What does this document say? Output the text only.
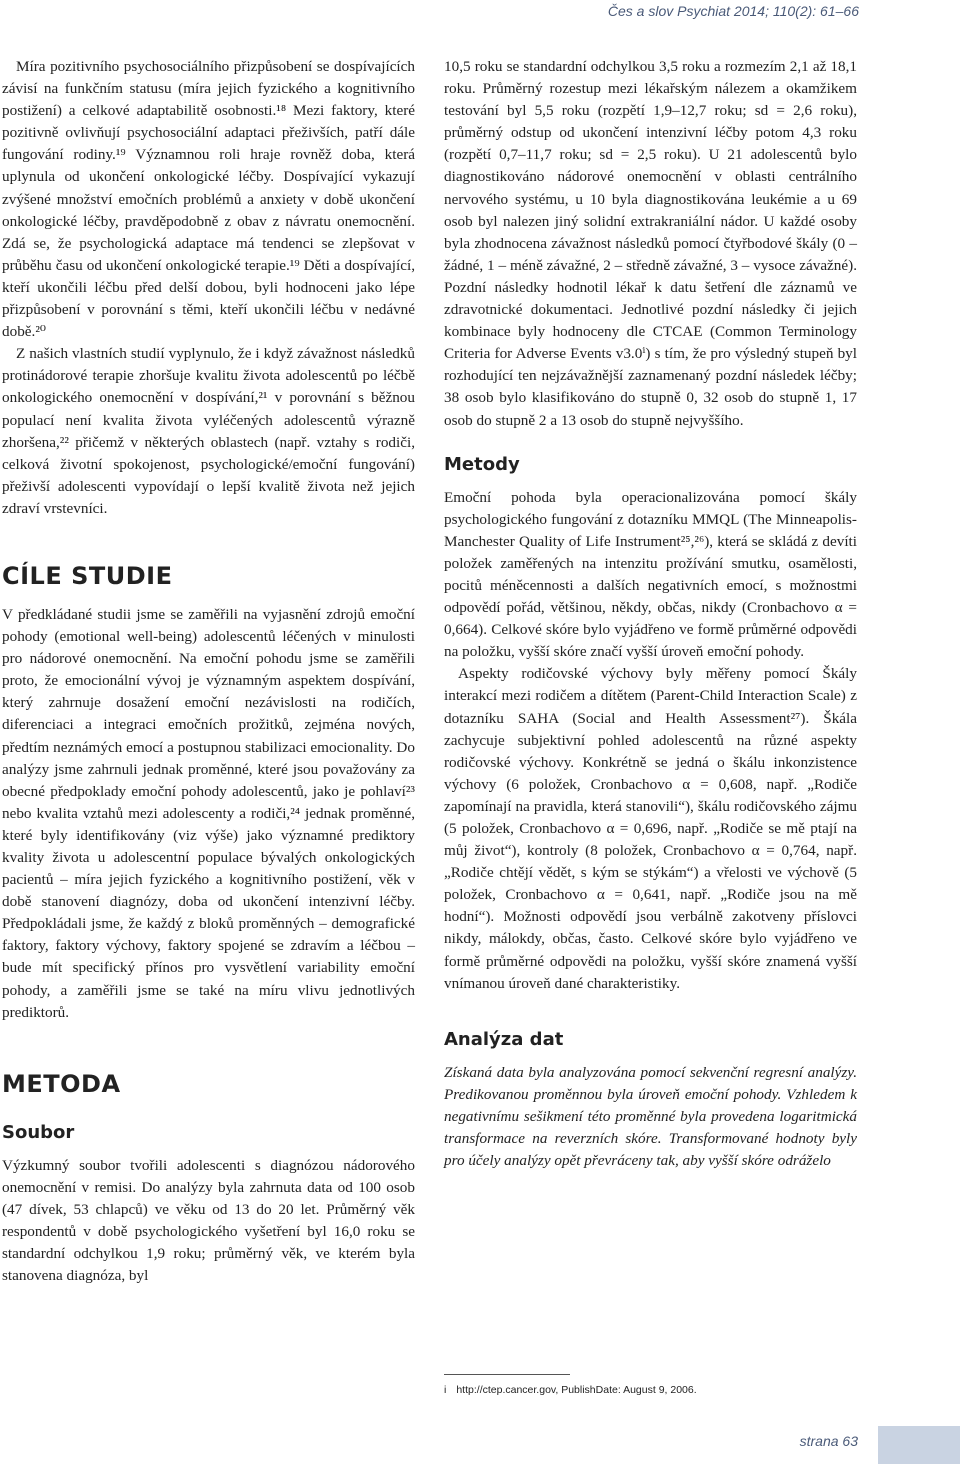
Čes a slov Psychiat 2014; 110(2): 61–66

Míra pozitivního psychosociálního přizpůsobení se dospívajících závisí na funkčním statusu (míra jejich fyzického a kognitivního postižení) a celkové adaptabilitě osobnosti.¹⁸ Mezi faktory, které pozitivně ovlivňují psychosociální adaptaci přeživších, patří dále fungování rodiny.¹⁹ Významnou roli hraje rovněž doba, která uplynula od ukončení onkologické léčby. Dospívající vykazují zvýšené množství emočních problémů a anxiety v době ukončení onkologické léčby, pravděpodobně z obav z návratu onemocnění. Zdá se, že psychologická adaptace má tendenci se zlepšovat v průběhu času od ukončení onkologické terapie.¹⁹ Děti a dospívající, kteří ukončili léčbu před delší dobou, byli hodnoceni jako lépe přizpůsobení v porovnání s těmi, kteří ukončili léčbu v nedávné době.²⁰

Z našich vlastních studií vyplynulo, že i když závažnost následků protinádorové terapie zhoršuje kvalitu života adolescentů po léčbě onkologického onemocnění v dospívání,²¹ v porovnání s běžnou populací není kvalita života vyléčených adolescentů výrazně zhoršena,²² přičemž v některých oblastech (např. vztahy s rodiči, celková životní spokojenost, psychologické/emoční fungování) přeživší adolescenti vypovídají o lepší kvalitě života než jejich zdraví vrstevníci.

CÍLE STUDIE

V předkládané studii jsme se zaměřili na vyjasnění zdrojů emoční pohody (emotional well-being) adolescentů léčených v minulosti pro nádorové onemocnění. Na emoční pohodu jsme se zaměřili proto, že emocionální vývoj je významným aspektem dospívání, který zahrnuje dosažení emoční nezávislosti na rodičích, diferenciaci a integraci emočních prožitků, zejména nových, předtím neznámých emocí a postupnou stabilizaci emocionality. Do analýzy jsme zahrnuli jednak proměnné, které jsou považovány za obecné předpoklady emoční pohody adolescentů, jako je pohlaví²³ nebo kvalita vztahů mezi adolescenty a rodiči,²⁴ jednak proměnné, které byly identifikovány (viz výše) jako významné prediktory kvality života u adolescentní populace bývalých onkologických pacientů – míra jejich fyzického a kognitivního postižení, věk v době stanovení diagnózy, doba od ukončení intenzivní léčby. Předpokládali jsme, že každý z bloků proměnných – demografické faktory, faktory výchovy, faktory spojené se zdravím a léčbou – bude mít specifický přínos pro vysvětlení variability emoční pohody, a zaměřili jsme se také na míru vlivu jednotlivých prediktorů.

METODA
Soubor

Výzkumný soubor tvořili adolescenti s diagnózou nádorového onemocnění v remisi. Do analýzy byla zahrnuta data od 100 osob (47 dívek, 53 chlapců) ve věku od 13 do 20 let. Průměrný věk respondentů v době psychologického vyšetření byl 16,0 roku se standardní odchylkou 1,9 roku; průměrný věk, ve kterém byla stanovena diagnóza, byl

10,5 roku se standardní odchylkou 3,5 roku a rozmezím 2,1 až 18,1 roku. Průměrný rozestup mezi lékařským nálezem a okamžikem testování byl 5,5 roku (rozpětí 1,9–12,7 roku; sd = 2,6 roku), průměrný odstup od ukončení intenzivní léčby potom 4,3 roku (rozpětí 0,7–11,7 roku; sd = 2,5 roku). U 21 adolescentů bylo diagnostikováno nádorové onemocnění v oblasti centrálního nervového systému, u 10 byla diagnostikována leukémie a u 69 osob byl nalezen jiný solidní extrakraniální nádor. U každé osoby byla zhodnocena závažnost následků pomocí čtyřbodové škály (0 – žádné, 1 – méně závažné, 2 – středně závažné, 3 – vysoce závažné). Pozdní následky hodnotil lékař k datu šetření dle záznamů ve zdravotnické dokumentaci. Jednotlivé pozdní následky či jejich kombinace byly hodnoceny dle CTCAE (Common Terminology Criteria for Adverse Events v3.0ⁱ) s tím, že pro výsledný stupeň byl rozhodující ten nejzávažnější zaznamenaný pozdní následek léčby; 38 osob bylo klasifikováno do stupně 0, 32 osob do stupně 1, 17 osob do stupně 2 a 13 osob do stupně nejvyššího.

Metody

Emoční pohoda byla operacionalizována pomocí škály psychologického fungování z dotazníku MMQL (The Minneapolis-Manchester Quality of Life Instrument²⁵,²⁶), která se skládá z devíti položek zaměřených na intenzitu prožívání smutku, osamělosti, pocitů méněcennosti a dalších negativních emocí, s možnostmi odpovědí pořád, většinou, někdy, občas, nikdy (Cronbachovo α = 0,664). Celkové skóre bylo vyjádřeno ve formě průměrné odpovědi na položku, vyšší skóre značí vyšší úroveň emoční pohody.

Aspekty rodičovské výchovy byly měřeny pomocí Škály interakcí mezi rodičem a dítětem (Parent-Child Interaction Scale) z dotazníku SAHA (Social and Health Assessment²⁷). Škála zachycuje subjektivní pohled adolescentů na různé aspekty rodičovské výchovy. Konkrétně se jedná o škálu inkonzistence výchovy (6 položek, Cronbachovo α = 0,608, např. „Rodiče zapomínají na pravidla, která stanovili“), škálu rodičovského zájmu (5 položek, Cronbachovo α = 0,696, např. „Rodiče se mě ptají na můj život“), kontroly (8 položek, Cronbachovo α = 0,764, např. „Rodiče chtějí vědět, s kým se stýkám“) a vřelosti ve výchově (5 položek, Cronbachovo α = 0,641, např. „Rodiče jsou na mě hodní“). Možnosti odpovědí jsou verbálně zakotveny příslovci nikdy, málokdy, občas, často. Celkové skóre bylo vyjádřeno ve formě průměrné odpovědi na položku, vyšší skóre znamená vyšší vnímanou úroveň dané charakteristiky.

Analýza dat

Získaná data byla analyzována pomocí sekvenční regresní analýzy. Predikovanou proměnnou byla úroveň emoční pohody. Vzhledem k negativnímu sešikmení této proměnné byla provedena logaritmická transformace na reverzních skóre. Transformované hodnoty byly pro účely analýzy opět převráceny tak, aby vyšší skóre odráželo

i http://ctep.cancer.gov, PublishDate: August 9, 2006.
strana 63
